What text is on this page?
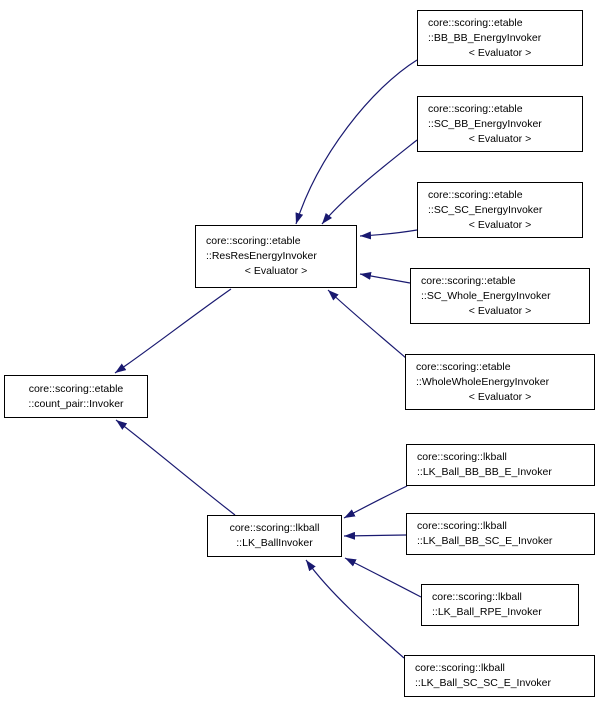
core::scoring::etable
::count_pair::Invoker
core::scoring::etable
::ResResEnergyInvoker
< Evaluator >
core::scoring::lkball
::LK_BallInvoker
core::scoring::etable
::BB_BB_EnergyInvoker
< Evaluator >
core::scoring::etable
::SC_BB_EnergyInvoker
< Evaluator >
core::scoring::etable
::SC_SC_EnergyInvoker
< Evaluator >
core::scoring::etable
::SC_Whole_EnergyInvoker
< Evaluator >
core::scoring::etable
::WholeWholeEnergyInvoker
< Evaluator >
core::scoring::lkball
::LK_Ball_BB_BB_E_Invoker
core::scoring::lkball
::LK_Ball_BB_SC_E_Invoker
core::scoring::lkball
::LK_Ball_RPE_Invoker
core::scoring::lkball
::LK_Ball_SC_SC_E_Invoker
